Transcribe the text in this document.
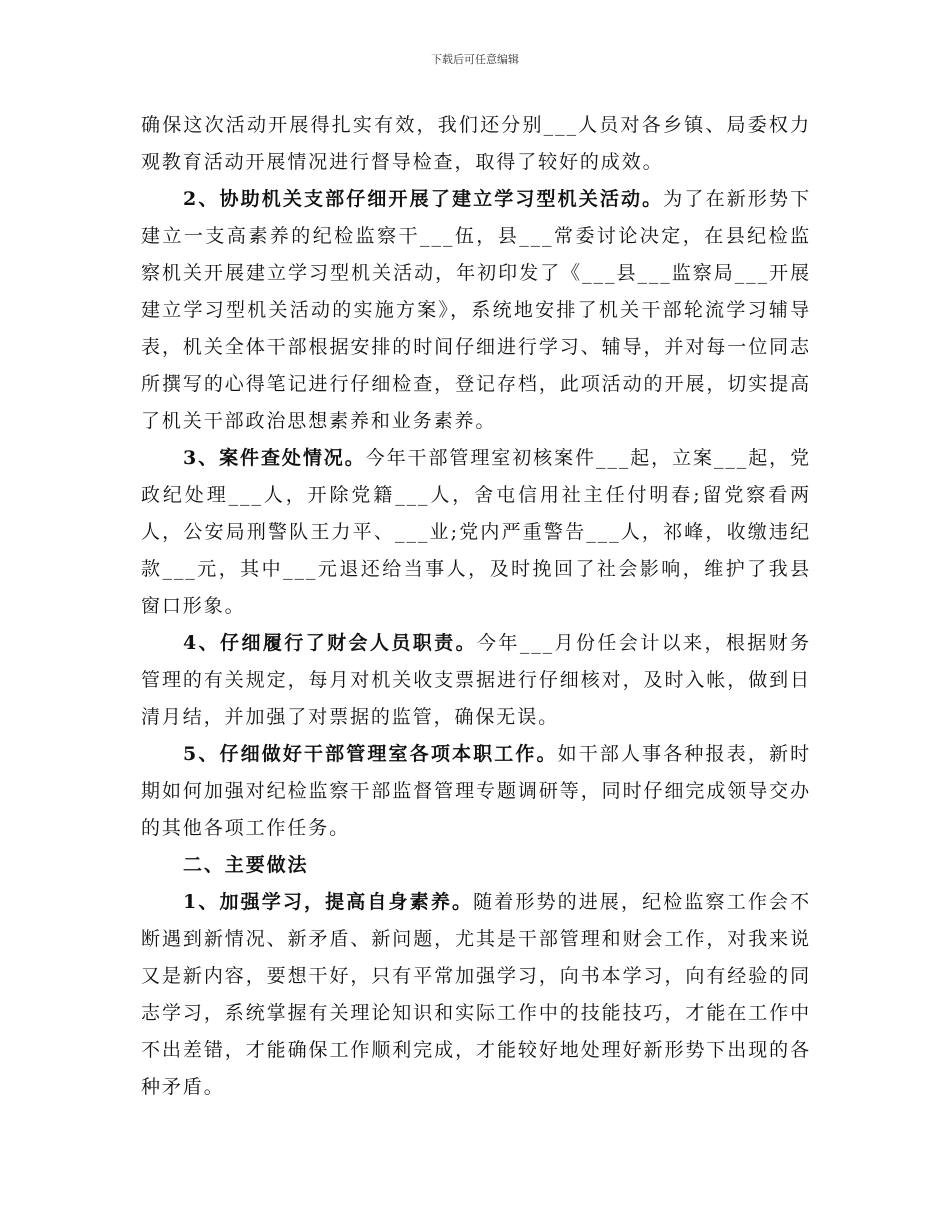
下载后可任意编辑

确保这次活动开展得扎实有效，我们还分别___人员对各乡镇、局委权力观教育活动开展情况进行督导检查，取得了较好的成效。

2、协助机关支部仔细开展了建立学习型机关活动。为了在新形势下建立一支高素养的纪检监察干___伍，县___常委讨论决定，在县纪检监察机关开展建立学习型机关活动，年初印发了《___县___监察局___开展建立学习型机关活动的实施方案》，系统地安排了机关干部轮流学习辅导表，机关全体干部根据安排的时间仔细进行学习、辅导，并对每一位同志所撰写的心得笔记进行仔细检查，登记存档，此项活动的开展，切实提高了机关干部政治思想素养和业务素养。

3、案件查处情况。今年干部管理室初核案件___起，立案___起，党政纪处理___人，开除党籍___人，舍屯信用社主任付明春;留党察看两人，公安局刑警队王力平、___业;党内严重警告___人，祁峰，收缴违纪款___元，其中___元退还给当事人，及时挽回了社会影响，维护了我县窗口形象。

4、仔细履行了财会人员职责。今年___月份任会计以来，根据财务管理的有关规定，每月对机关收支票据进行仔细核对，及时入帐，做到日清月结，并加强了对票据的监管，确保无误。

5、仔细做好干部管理室各项本职工作。如干部人事各种报表，新时期如何加强对纪检监察干部监督管理专题调研等，同时仔细完成领导交办的其他各项工作任务。

二、主要做法

1、加强学习，提高自身素养。随着形势的进展，纪检监察工作会不断遇到新情况、新矛盾、新问题，尤其是干部管理和财会工作，对我来说又是新内容，要想干好，只有平常加强学习，向书本学习，向有经验的同志学习，系统掌握有关理论知识和实际工作中的技能技巧，才能在工作中不出差错，才能确保工作顺利完成，才能较好地处理好新形势下出现的各种矛盾。
